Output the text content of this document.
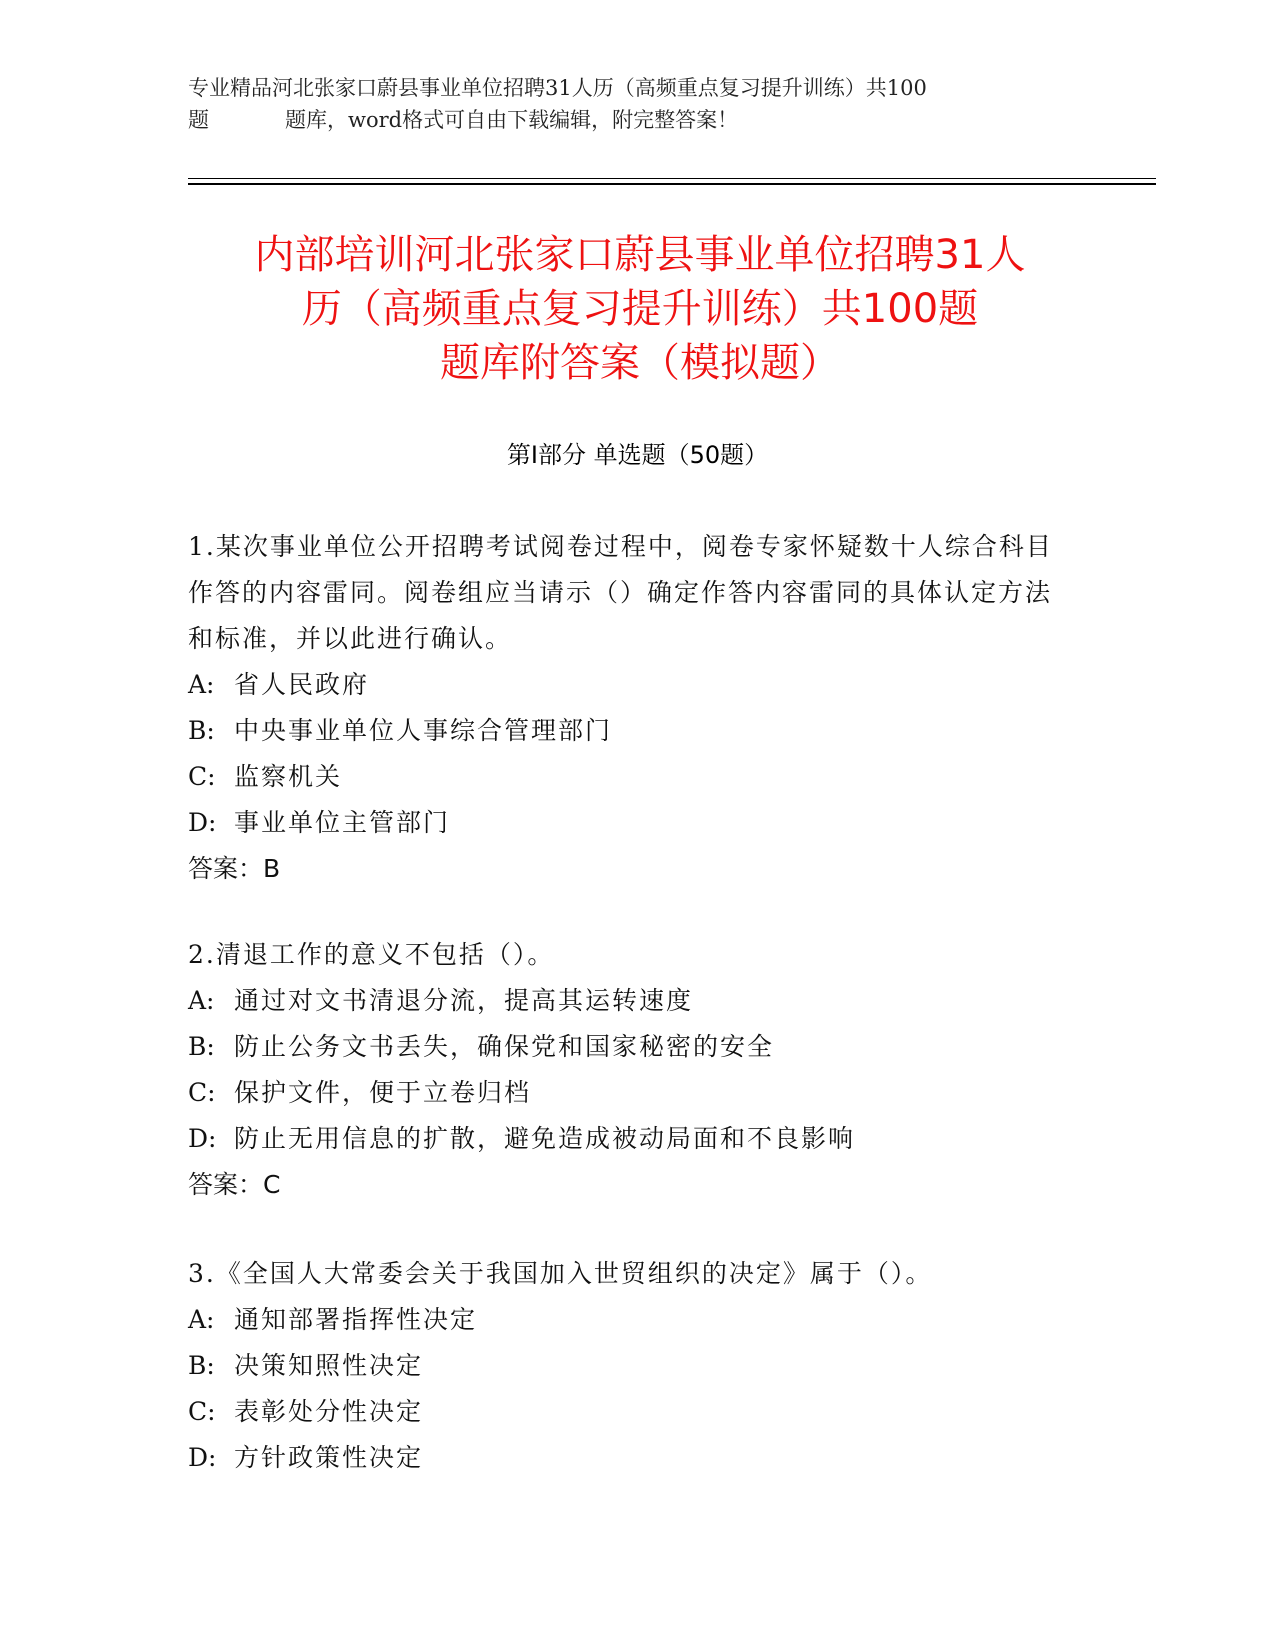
专业精品河北张家口蔚县事业单位招聘31人历（高频重点复习提升训练）共100
题	题库，word格式可自由下载编辑，附完整答案！
内部培训河北张家口蔚县事业单位招聘31人
历（高频重点复习提升训练）共100题
题库附答案（模拟题）
第Ⅰ部分 单选题（50题）

1.某次事业单位公开招聘考试阅卷过程中，阅卷专家怀疑数十人综合科目作答的内容雷同。阅卷组应当请示（）确定作答内容雷同的具体认定方法和标准，并以此进行确认。

A: 省人民政府
B: 中央事业单位人事综合管理部门
C: 监察机关
D: 事业单位主管部门

答案：B

2.清退工作的意义不包括（）。

A: 通过对文书清退分流，提高其运转速度
B: 防止公务文书丢失，确保党和国家秘密的安全
C: 保护文件，便于立卷归档
D: 防止无用信息的扩散，避免造成被动局面和不良影响

答案：C

3.《全国人大常委会关于我国加入世贸组织的决定》属于（）。

A: 通知部署指挥性决定
B: 决策知照性决定
C: 表彰处分性决定
D: 方针政策性决定
